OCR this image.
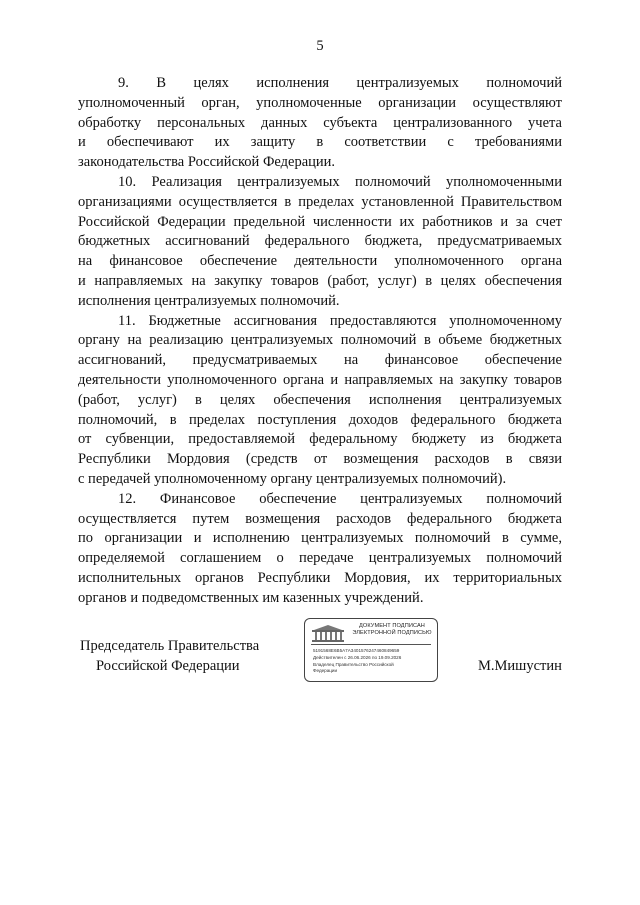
5
9. В целях исполнения централизуемых полномочий
уполномоченный орган, уполномоченные организации осуществляют
обработку персональных данных субъекта централизованного учета
и обеспечивают их защиту в соответствии с требованиями
законодательства Российской Федерации.
10. Реализация централизуемых полномочий уполномоченными
организациями осуществляется в пределах установленной Правительством
Российской Федерации предельной численности их работников и за счет
бюджетных ассигнований федерального бюджета, предусматриваемых
на финансовое обеспечение деятельности уполномоченного органа
и направляемых на закупку товаров (работ, услуг) в целях обеспечения
исполнения централизуемых полномочий.
11. Бюджетные ассигнования предоставляются уполномоченному
органу на реализацию централизуемых полномочий в объеме бюджетных
ассигнований, предусматриваемых на финансовое обеспечение
деятельности уполномоченного органа и направляемых на закупку товаров
(работ, услуг) в целях обеспечения исполнения централизуемых
полномочий, в пределах поступления доходов федерального бюджета
от субвенции, предоставляемой федеральному бюджету из бюджета
Республики Мордовия (средств от возмещения расходов в связи
с передачей уполномоченному органу централизуемых полномочий).
12. Финансовое обеспечение централизуемых полномочий
осуществляется путем возмещения расходов федерального бюджета
по организации и исполнению централизуемых полномочий в сумме,
определяемой соглашением о передаче централизуемых полномочий
исполнительных органов Республики Мордовия, их территориальных
органов и подведомственных им казенных учреждений.
Председатель Правительства
Российской Федерации
ДОКУМЕНТ ПОДПИСАН
ЭЛЕКТРОННОЙ ПОДПИСЬЮ
5191568E6B5A7A3401576247460849659
Действителен с 26.06.2026 по 19.09.2026
Владелец Правительство Российской
Федерации	М.Мишустин
